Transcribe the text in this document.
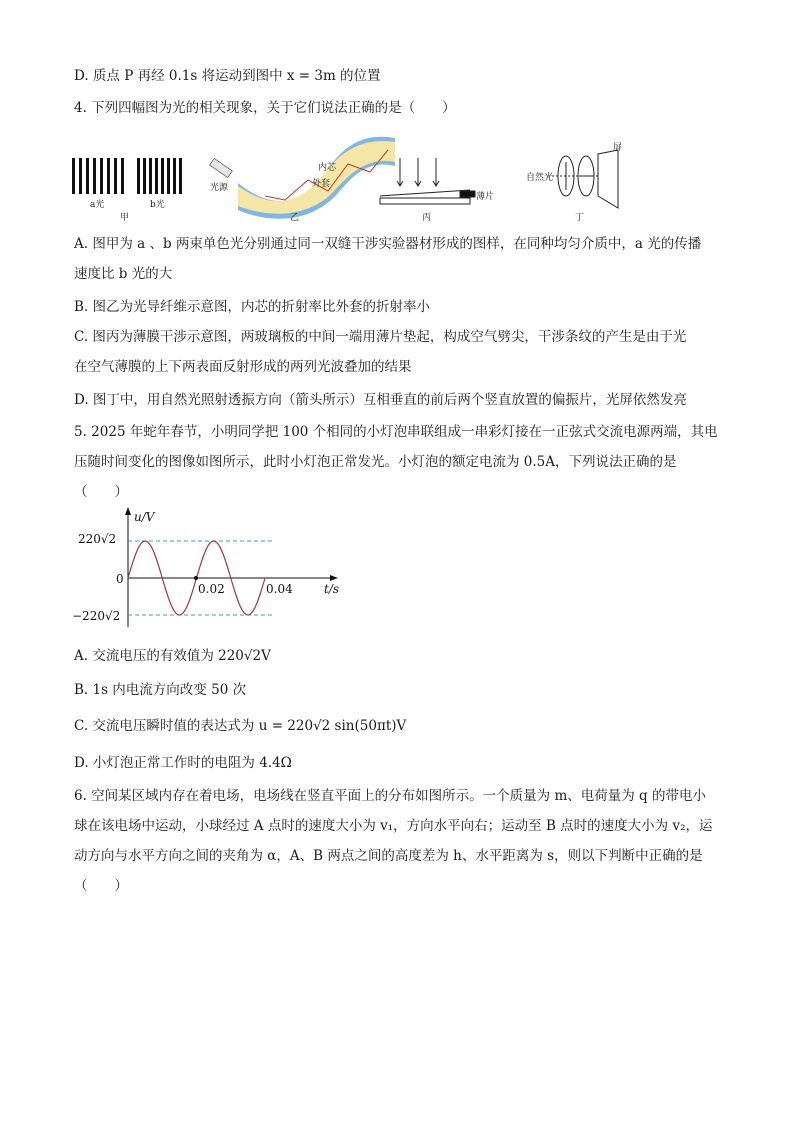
D. 质点 P 再经 0.1s 将运动到图中 x = 3m 的位置
4. 下列四幅图为光的相关现象，关于它们说法正确的是（　　）
a光	b光
甲
光源
内芯
外套
乙
薄片
丙
自然光
屏
丁
A. 图甲为 a 、b 两束单色光分别通过同一双缝干涉实验器材形成的图样，在同种均匀介质中，a 光的传播
速度比 b 光的大
B. 图乙为光导纤维示意图，内芯的折射率比外套的折射率小
C. 图丙为薄膜干涉示意图，两玻璃板的中间一端用薄片垫起，构成空气劈尖，干涉条纹的产生是由于光
在空气薄膜的上下两表面反射形成的两列光波叠加的结果
D. 图丁中，用自然光照射透振方向（箭头所示）互相垂直的前后两个竖直放置的偏振片，光屏依然发亮
5. 2025 年蛇年春节，小明同学把 100 个相同的小灯泡串联组成一串彩灯接在一正弦式交流电源两端，其电
压随时间变化的图像如图所示，此时小灯泡正常发光。小灯泡的额定电流为 0.5A，下列说法正确的是
（　　）
u/V
t/s
220√2
0
−220√2
0.02	0.04
A. 交流电压的有效值为 220√2V
B. 1s 内电流方向改变 50 次
C. 交流电压瞬时值的表达式为 u = 220√2 sin(50πt)V
D. 小灯泡正常工作时的电阻为 4.4Ω
6. 空间某区域内存在着电场，电场线在竖直平面上的分布如图所示。一个质量为 m、电荷量为 q 的带电小
球在该电场中运动，小球经过 A 点时的速度大小为 v₁，方向水平向右；运动至 B 点时的速度大小为 v₂，运
动方向与水平方向之间的夹角为 α，A、B 两点之间的高度差为 h、水平距离为 s，则以下判断中正确的是
（　　）
